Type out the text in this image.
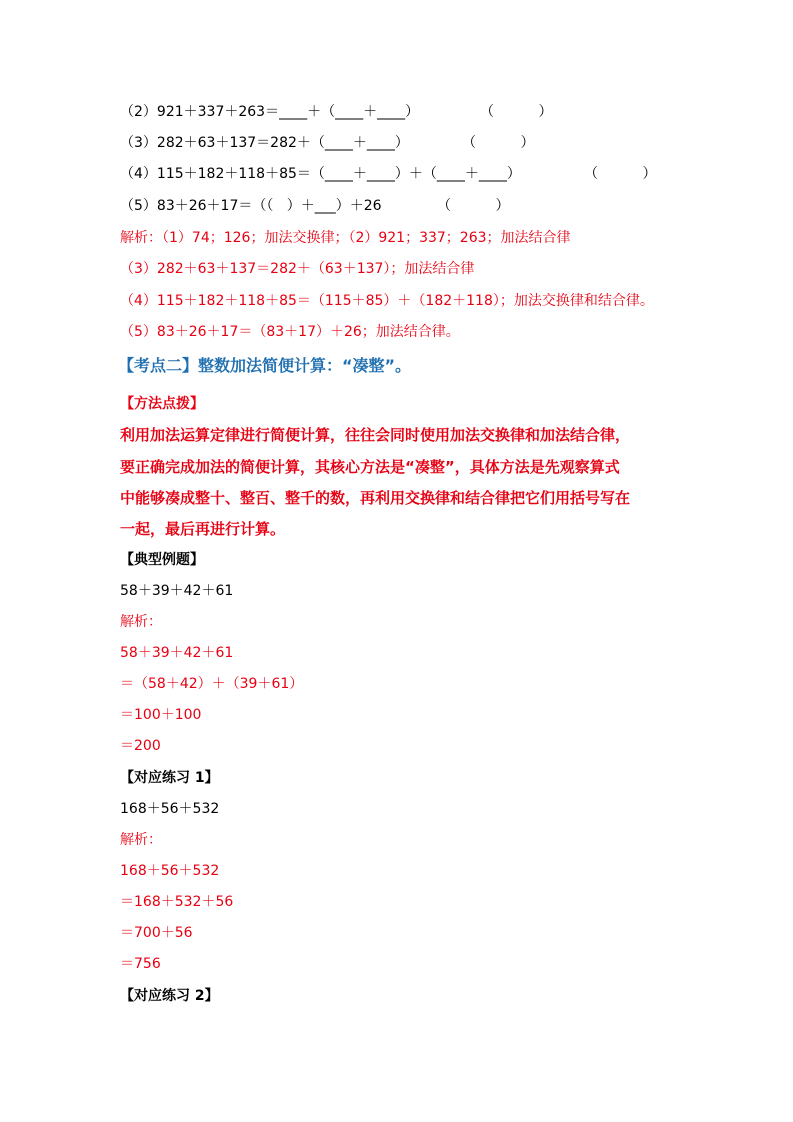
（2）921＋337＋263＝____＋（____＋____）	（          ）
（3）282＋63＋137＝282＋（____＋____）	（          ）
（4）115＋182＋118＋85＝（____＋____）＋（____＋____）	（          ）
（5）83＋26＋17＝（（   ）＋___）＋26	（          ）
解析：（1）74；126；加法交换律；（2）921；337；263；加法结合律
（3）282＋63＋137＝282＋（63＋137）；加法结合律
（4）115＋182＋118＋85＝（115＋85）＋（182＋118）；加法交换律和结合律。
（5）83＋26＋17＝（83＋17）＋26；加法结合律。
【考点二】整数加法简便计算：“凑整”。
【方法点拨】
利用加法运算定律进行简便计算，往往会同时使用加法交换律和加法结合律，
要正确完成加法的简便计算，其核心方法是“凑整”，具体方法是先观察算式
中能够凑成整十、整百、整千的数，再利用交换律和结合律把它们用括号写在
一起，最后再进行计算。
【典型例题】
58＋39＋42＋61
解析：
58＋39＋42＋61
＝（58＋42）＋（39＋61）
＝100＋100
＝200
【对应练习 1】
168＋56＋532
解析：
168＋56＋532
＝168＋532＋56
＝700＋56
＝756
【对应练习 2】
